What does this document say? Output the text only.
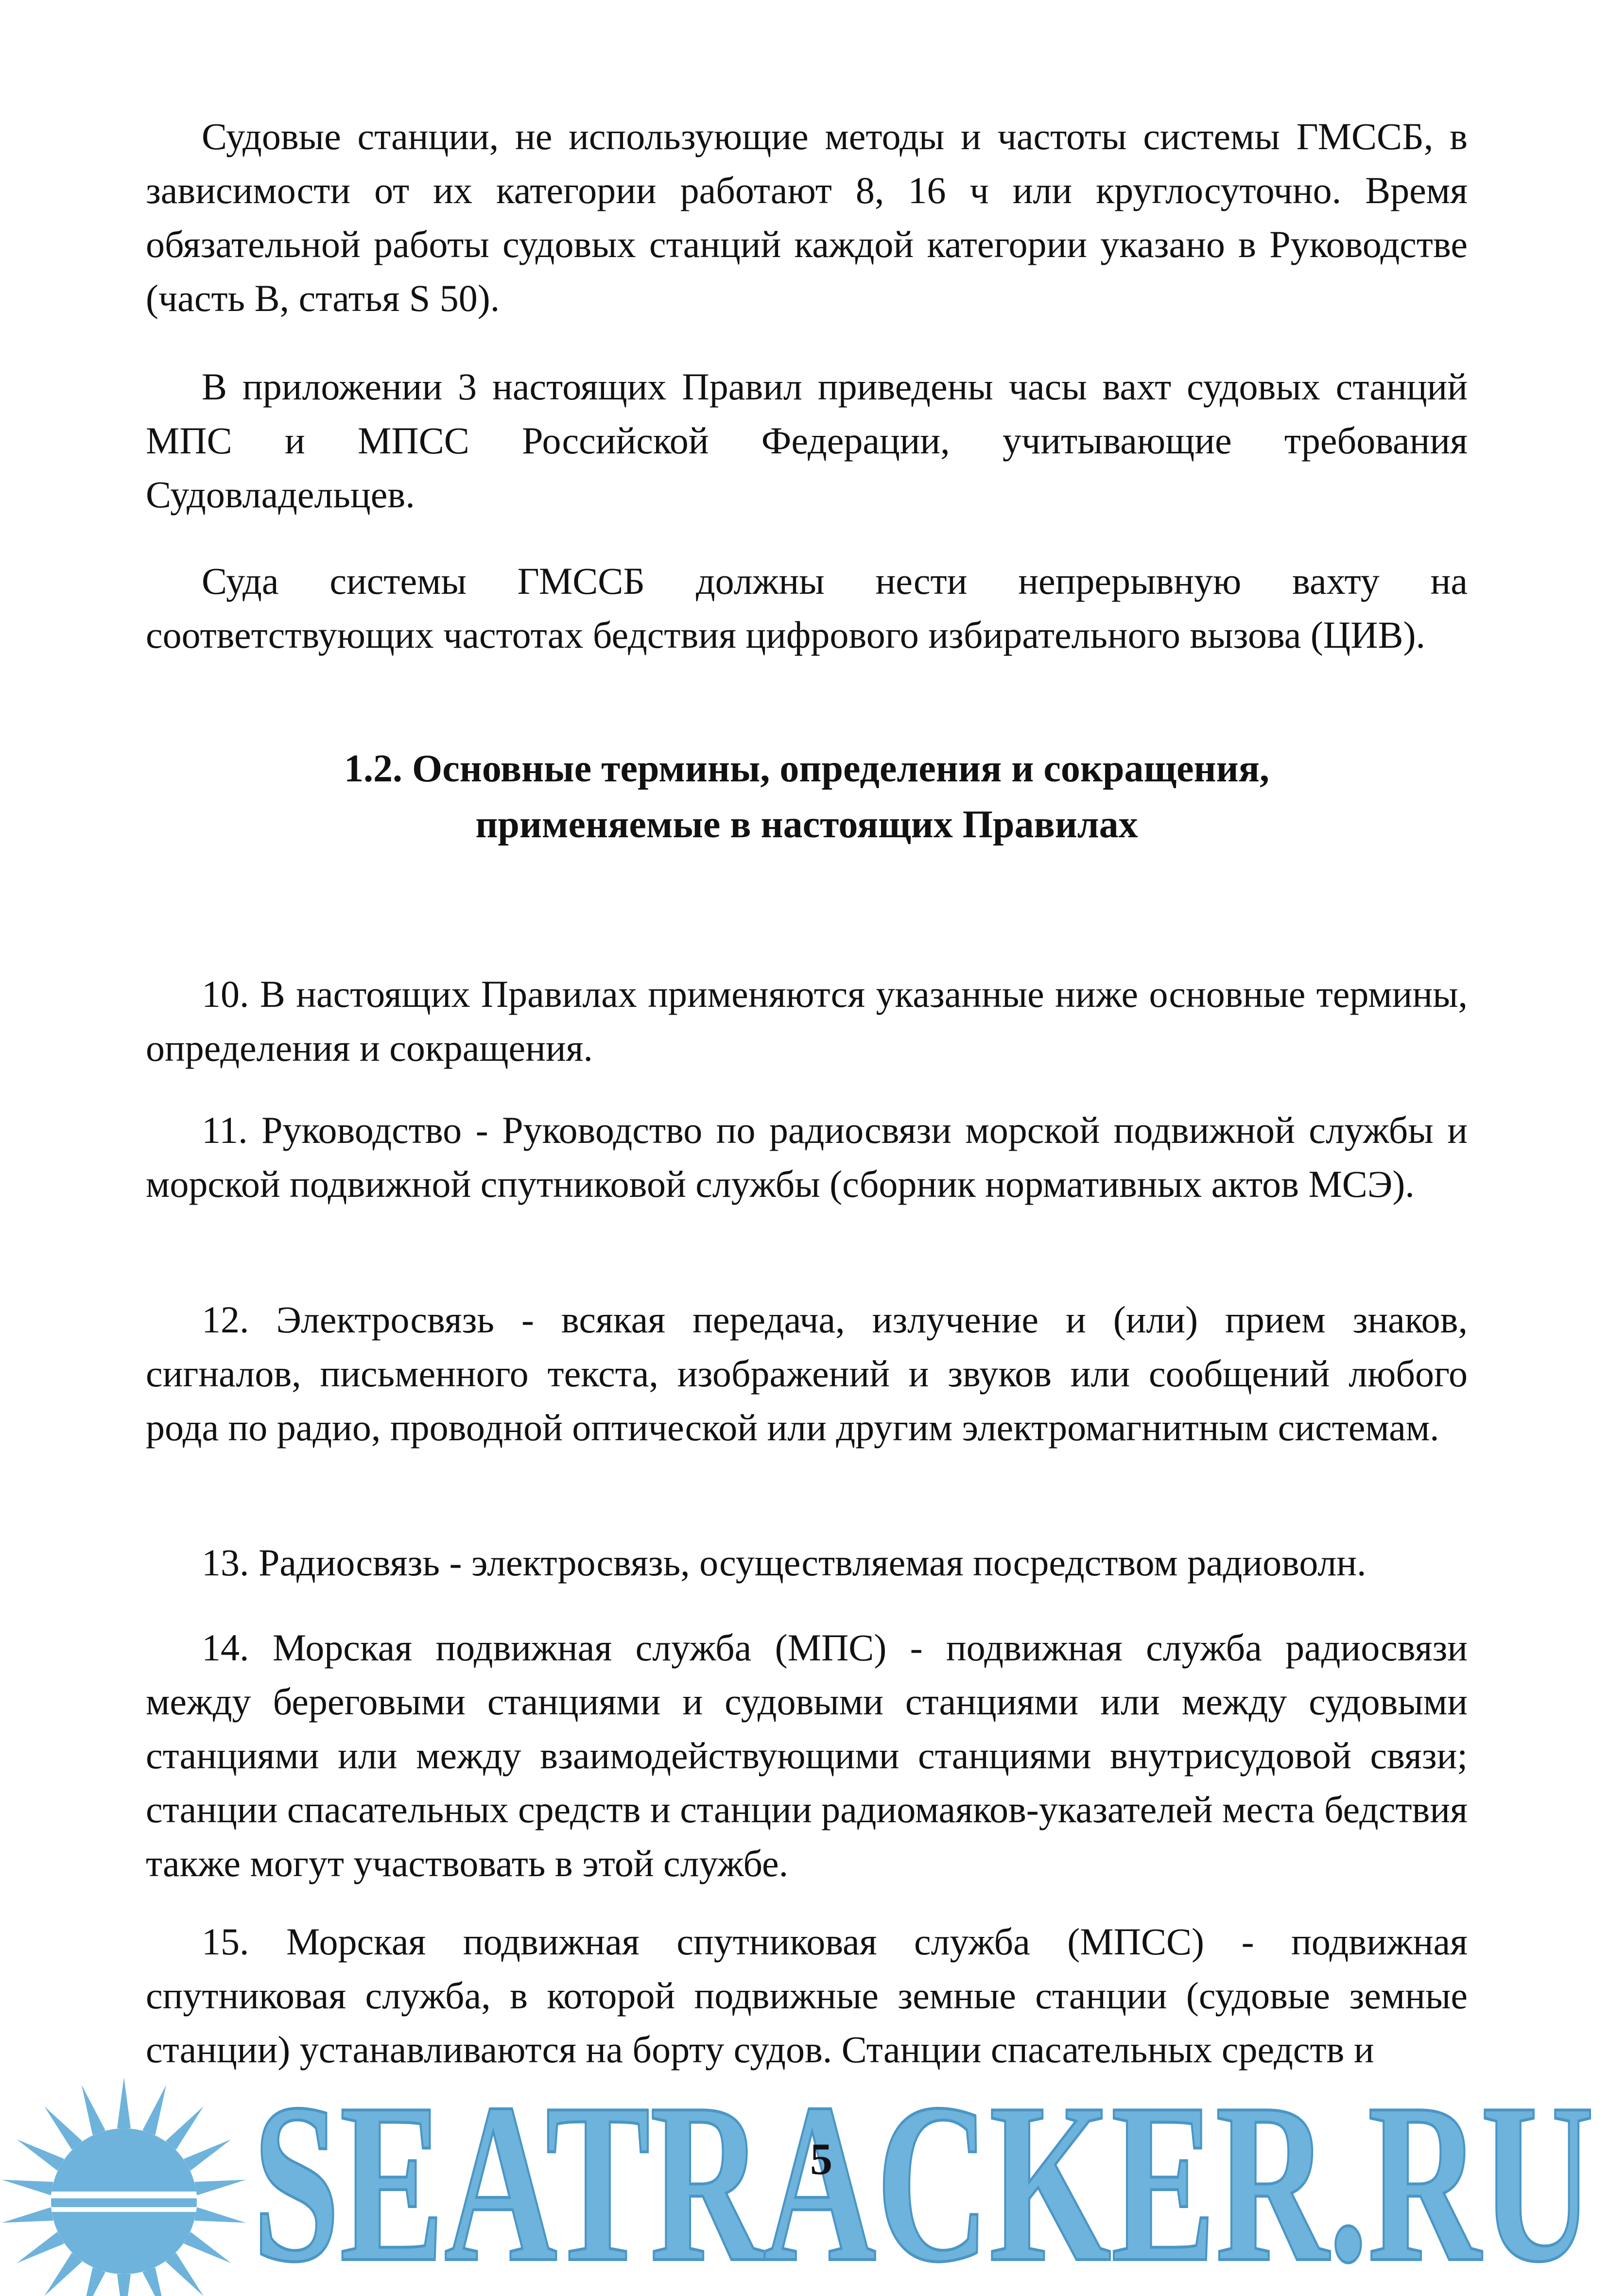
Судовые станции, не использующие методы и частоты системы ГМССБ, в зависимости от их категории работают 8, 16 ч или круглосуточно. Время обязательной работы судовых станций каждой категории указано в Руководстве (часть B, статья S 50).

В приложении 3 настоящих Правил приведены часы вахт судовых станций МПС и МПСС Российской Федерации, учитывающие требования Судовладельцев.

Суда системы ГМССБ должны нести непрерывную вахту на соответствующих частотах бедствия цифрового избирательного вызова (ЦИВ).

1.2. Основные термины, определения и сокращения,
применяемые в настоящих Правилах

10. В настоящих Правилах применяются указанные ниже основные термины, определения и сокращения.

11. Руководство - Руководство по радиосвязи морской подвижной службы и морской подвижной спутниковой службы (сборник нормативных актов МСЭ).

12. Электросвязь - всякая передача, излучение и (или) прием знаков, сигналов, письменного текста, изображений и звуков или сообщений любого рода по радио, проводной оптической или другим электромагнитным системам.

13. Радиосвязь - электросвязь, осуществляемая посредством радиоволн.

14. Морская подвижная служба (МПС) - подвижная служба радиосвязи между береговыми станциями и судовыми станциями или между судовыми станциями или между взаимодействующими станциями внутрисудовой связи; станции спасательных средств и станции радиомаяков-указателей места бедствия также могут участвовать в этой службе.

15. Морская подвижная спутниковая служба (МПСС) - подвижная спутниковая служба, в которой подвижные земные станции (судовые земные станции) устанавливаются на борту судов. Станции спасательных средств и

5
SEATRACKER.RU
